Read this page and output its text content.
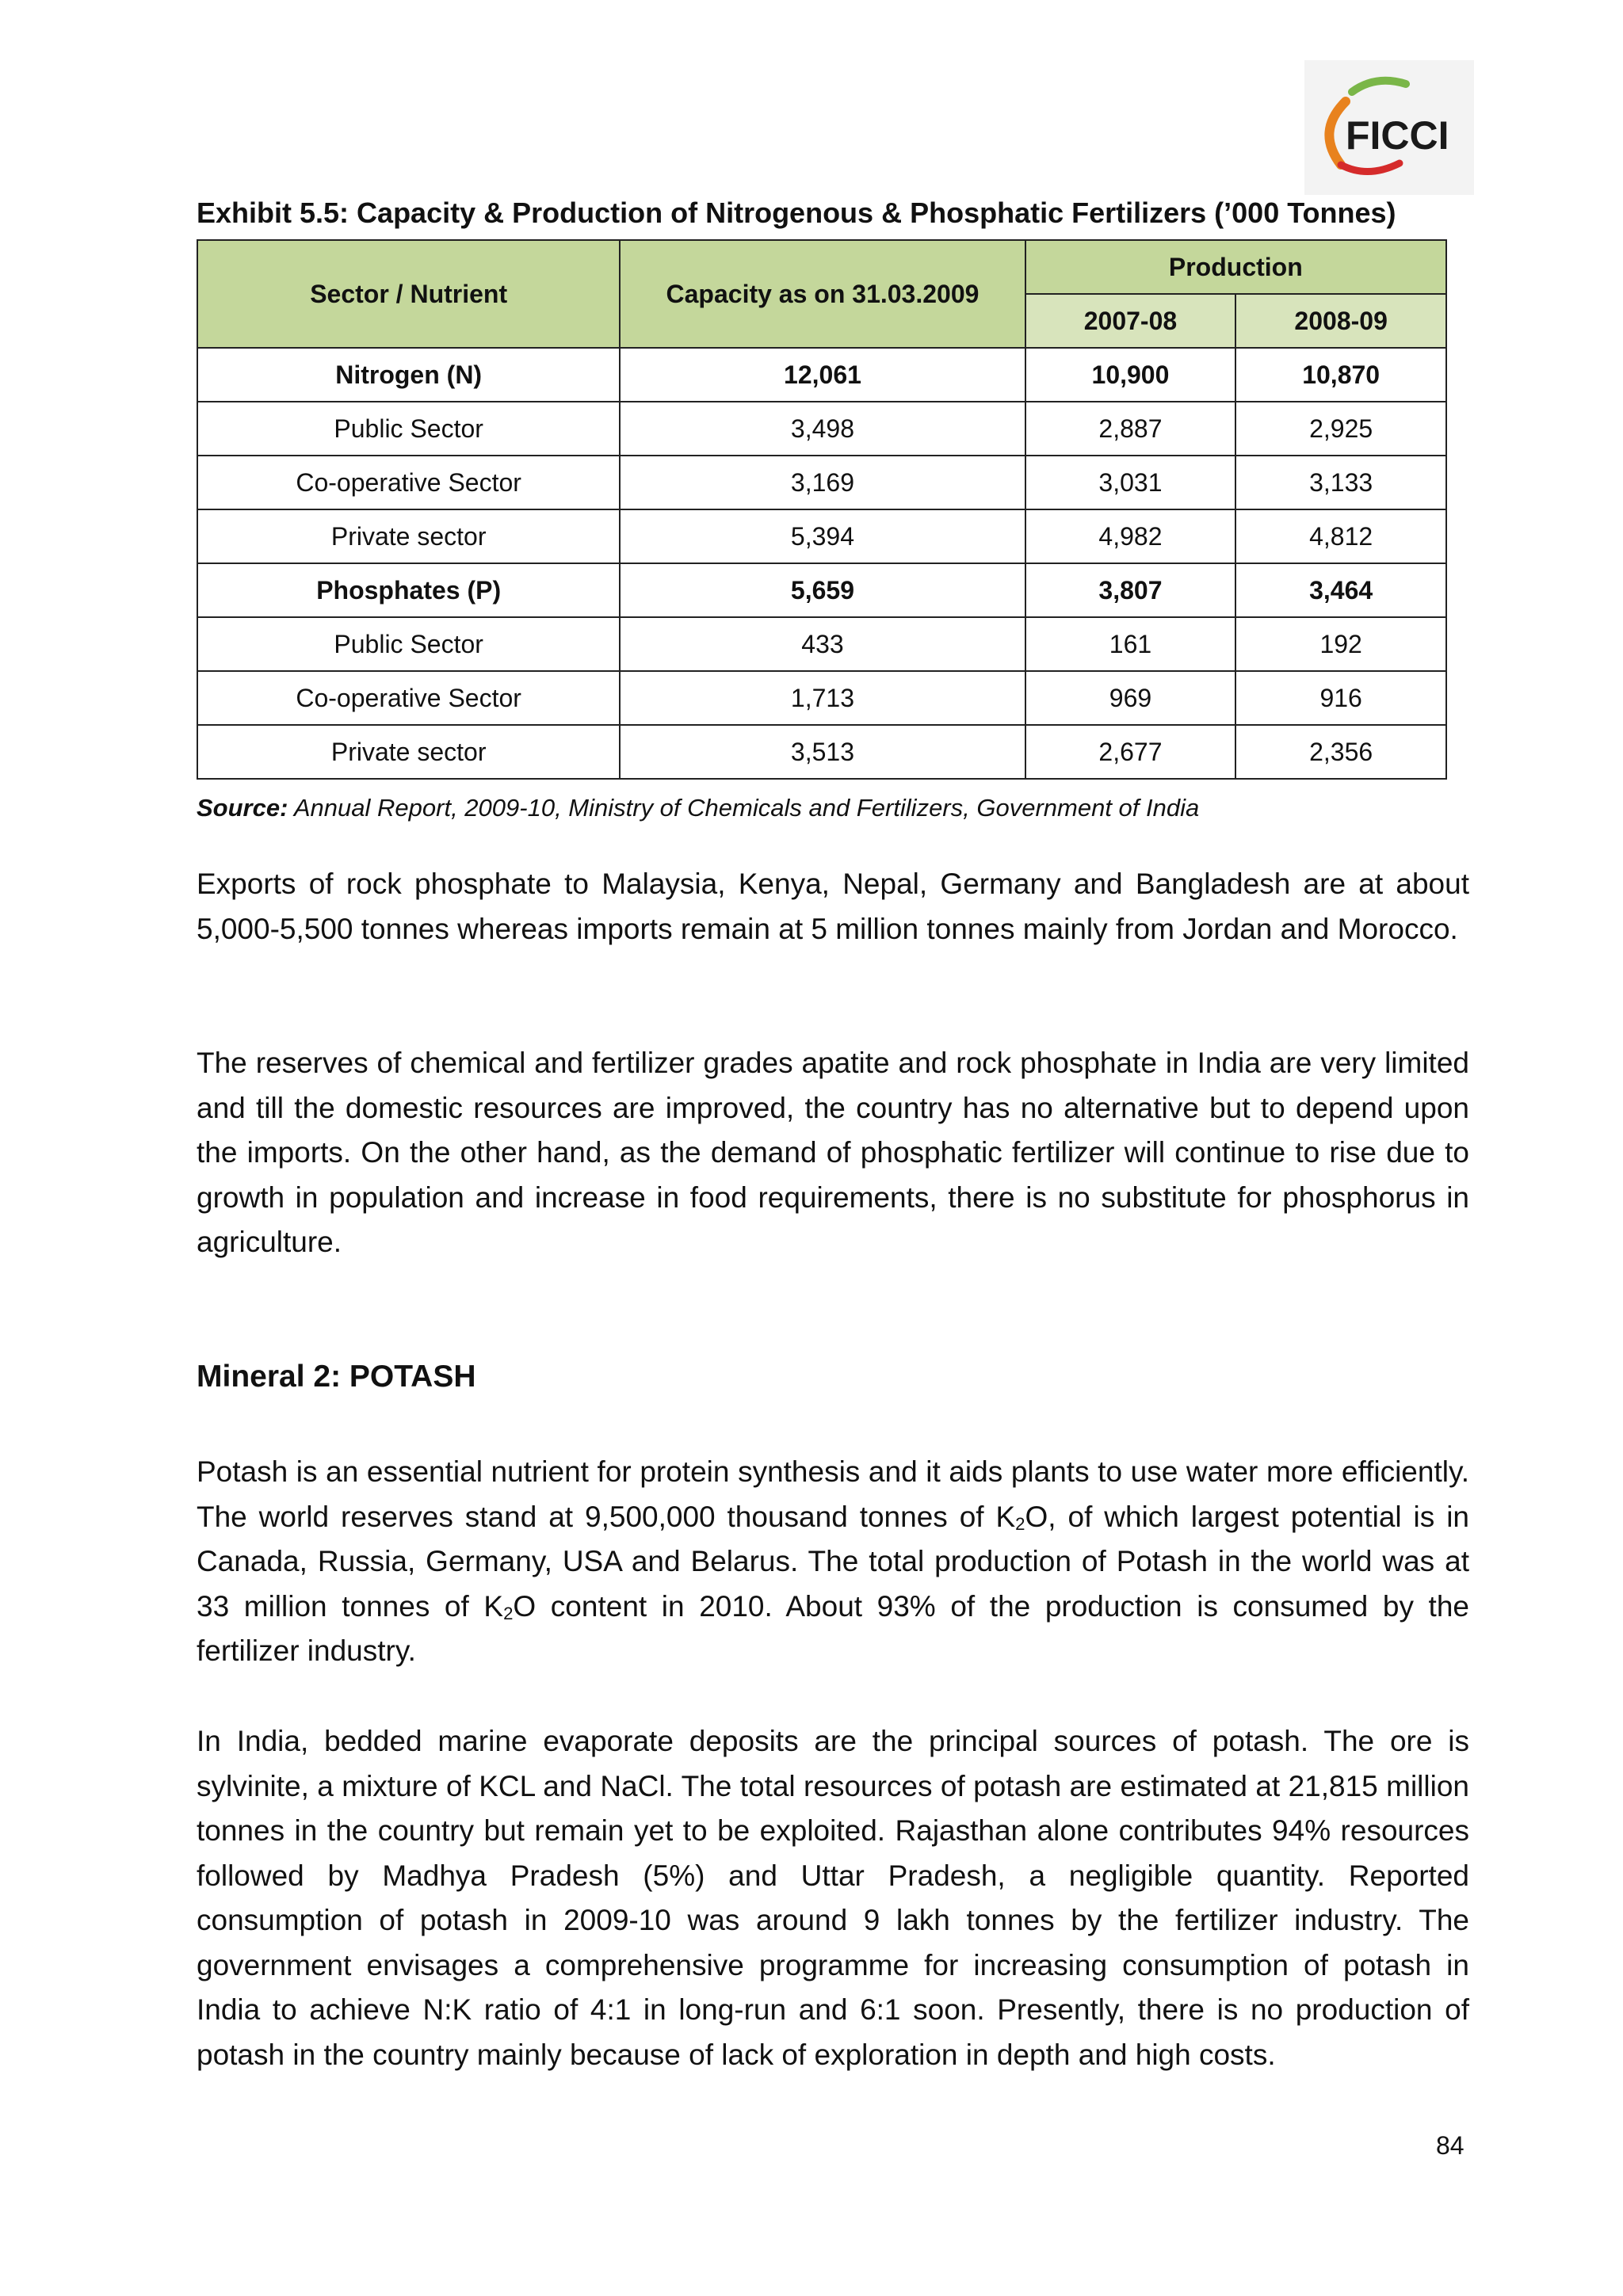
FICCI
Exhibit 5.5: Capacity & Production of Nitrogenous & Phosphatic Fertilizers (’000 Tonnes)
Sector / Nutrient	Capacity as on 31.03.2009	Production	
		2007-08	2008-09
Nitrogen (N)	12,061	10,900	10,870
Public Sector	3,498	2,887	2,925
Co-operative Sector	3,169	3,031	3,133
Private sector	5,394	4,982	4,812
Phosphates (P)	5,659	3,807	3,464
Public Sector	433	161	192
Co-operative Sector	1,713	969	916
Private sector	3,513	2,677	2,356
Source: Annual Report, 2009-10, Ministry of Chemicals and Fertilizers, Government of India

Exports of rock phosphate to Malaysia, Kenya, Nepal, Germany and Bangladesh are at about 5,000-5,500 tonnes whereas imports remain at 5 million tonnes mainly from Jordan and Morocco.

The reserves of chemical and fertilizer grades apatite and rock phosphate in India are very limited and till the domestic resources are improved, the country has no alternative but to depend upon the imports. On the other hand, as the demand of phosphatic fertilizer will continue to rise due to growth in population and increase in food requirements, there is no substitute for phosphorus in agriculture.

Mineral 2: POTASH

Potash is an essential nutrient for protein synthesis and it aids plants to use water more efficiently. The world reserves stand at 9,500,000 thousand tonnes of $K_2O$, of which largest potential is in Canada, Russia, Germany, USA and Belarus. The total production of Potash in the world was at 33 million tonnes of $K_2O$ content in 2010. About 93% of the production is consumed by the fertilizer industry.

In India, bedded marine evaporate deposits are the principal sources of potash. The ore is sylvinite, a mixture of KCL and NaCl. The total resources of potash are estimated at 21,815 million tonnes in the country but remain yet to be exploited. Rajasthan alone contributes 94% resources followed by Madhya Pradesh (5%) and Uttar Pradesh, a negligible quantity. Reported consumption of potash in 2009-10 was around 9 lakh tonnes by the fertilizer industry. The government envisages a comprehensive programme for increasing consumption of potash in India to achieve N:K ratio of 4:1 in long-run and 6:1 soon. Presently, there is no production of potash in the country mainly because of lack of exploration in depth and high costs.

84
